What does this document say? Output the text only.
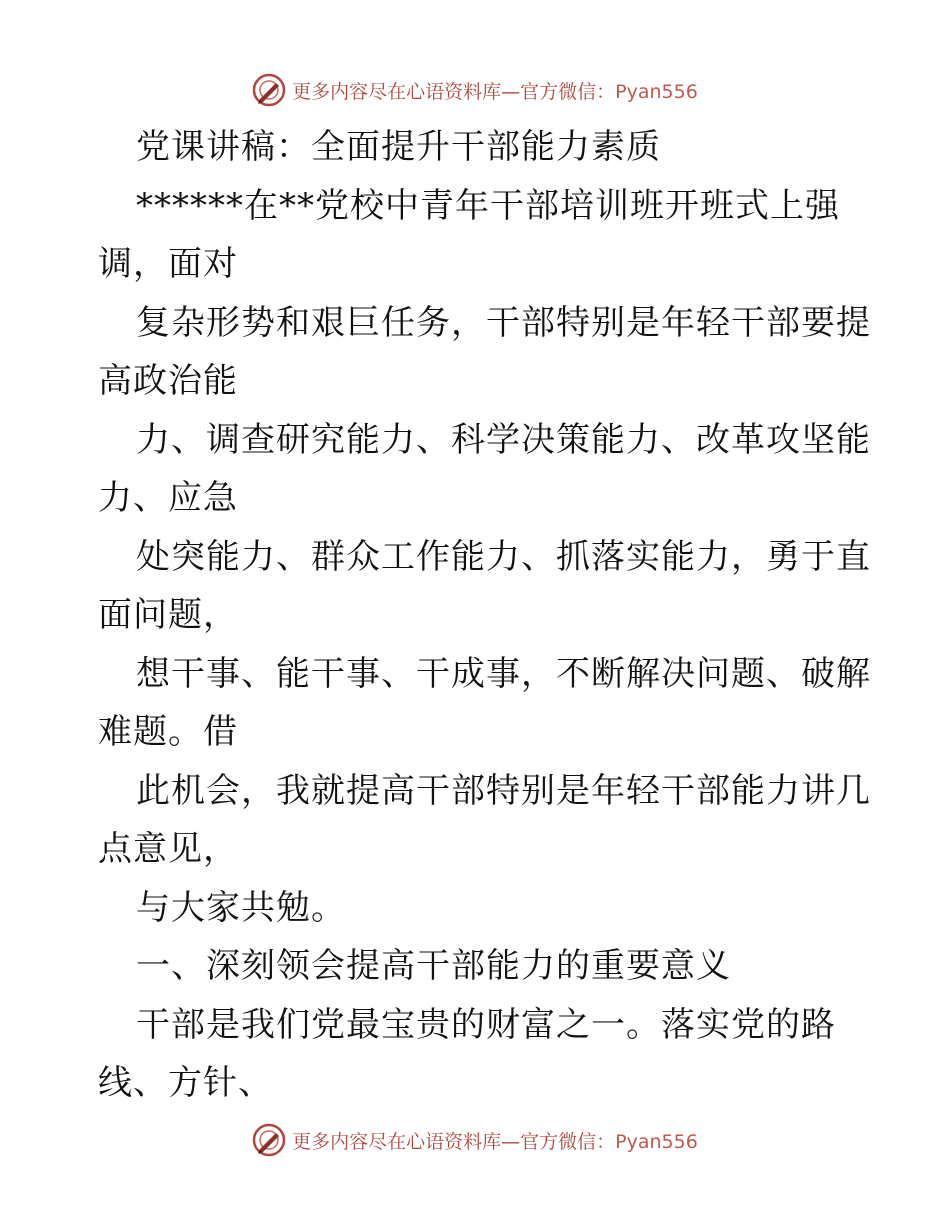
更多内容尽在心语资料库—官方微信：Pyan556
党课讲稿：全面提升干部能力素质
******在**党校中青年干部培训班开班式上强
调，面对
复杂形势和艰巨任务，干部特别是年轻干部要提
高政治能
力、调查研究能力、科学决策能力、改革攻坚能
力、应急
处突能力、群众工作能力、抓落实能力，勇于直
面问题，
想干事、能干事、干成事，不断解决问题、破解
难题。借
此机会，我就提高干部特别是年轻干部能力讲几
点意见，
与大家共勉。
一、深刻领会提高干部能力的重要意义
干部是我们党最宝贵的财富之一。落实党的路
线、方针、
更多内容尽在心语资料库—官方微信：Pyan556
